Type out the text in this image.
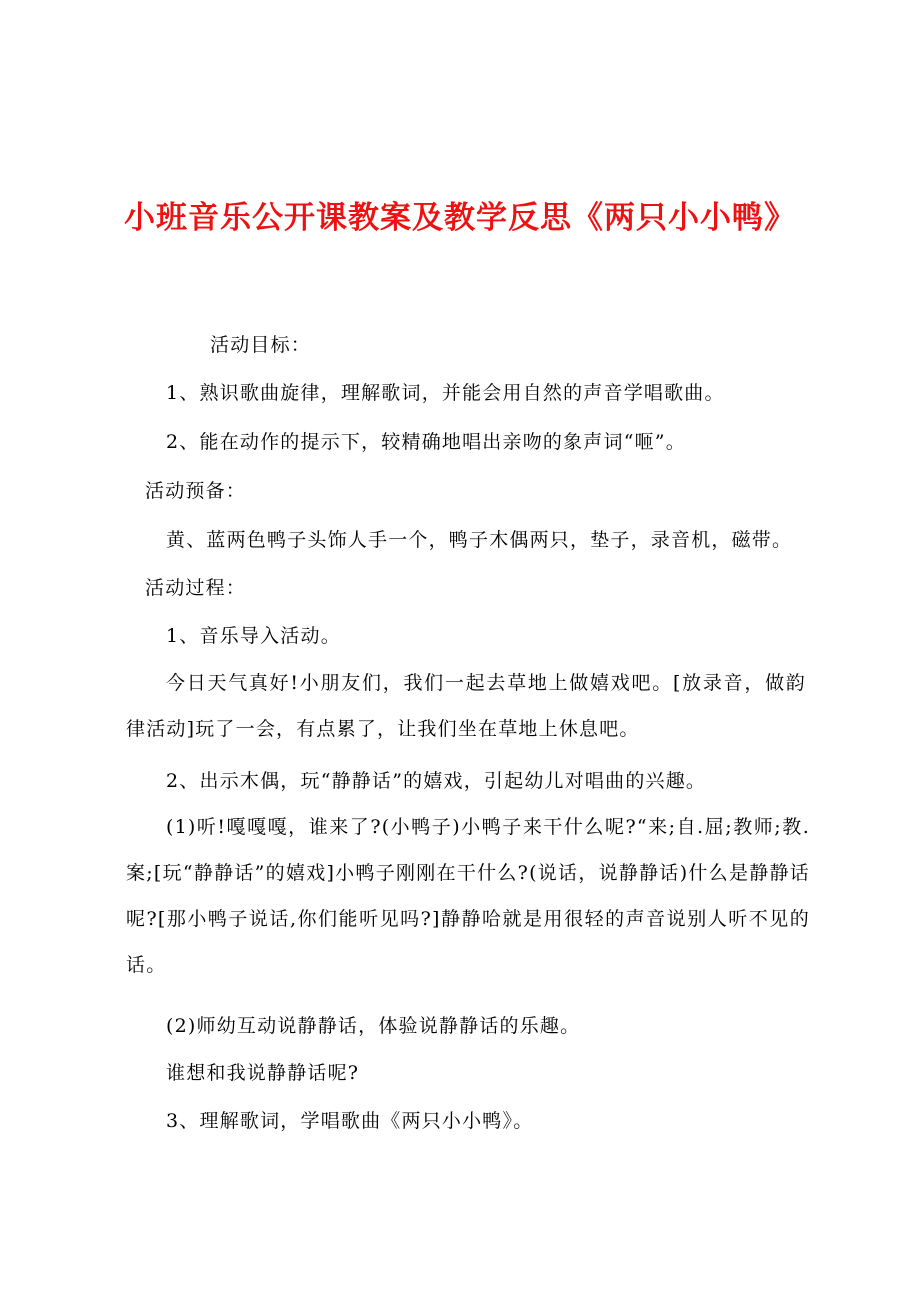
小班音乐公开课教案及教学反思《两只小小鸭》
活动目标：
1、熟识歌曲旋律，理解歌词，并能会用自然的声音学唱歌曲。
2、能在动作的提示下，较精确地唱出亲吻的象声词“咂”。
活动预备：
黄、蓝两色鸭子头饰人手一个，鸭子木偶两只，垫子，录音机，磁带。
活动过程：
1、音乐导入活动。
今日天气真好!小朋友们，我们一起去草地上做嬉戏吧。[放录音，做韵律活动]玩了一会，有点累了，让我们坐在草地上休息吧。
2、出示木偶，玩“静静话”的嬉戏，引起幼儿对唱曲的兴趣。
(1)听!嘎嘎嘎，谁来了?(小鸭子)小鸭子来干什么呢?“来;自.屈;教师;教.案;[玩“静静话”的嬉戏]小鸭子刚刚在干什么?(说话，说静静话)什么是静静话呢?[那小鸭子说话,你们能听见吗?]静静哈就是用很轻的声音说别人听不见的话。
(2)师幼互动说静静话，体验说静静话的乐趣。
谁想和我说静静话呢?
3、理解歌词，学唱歌曲《两只小小鸭》。
